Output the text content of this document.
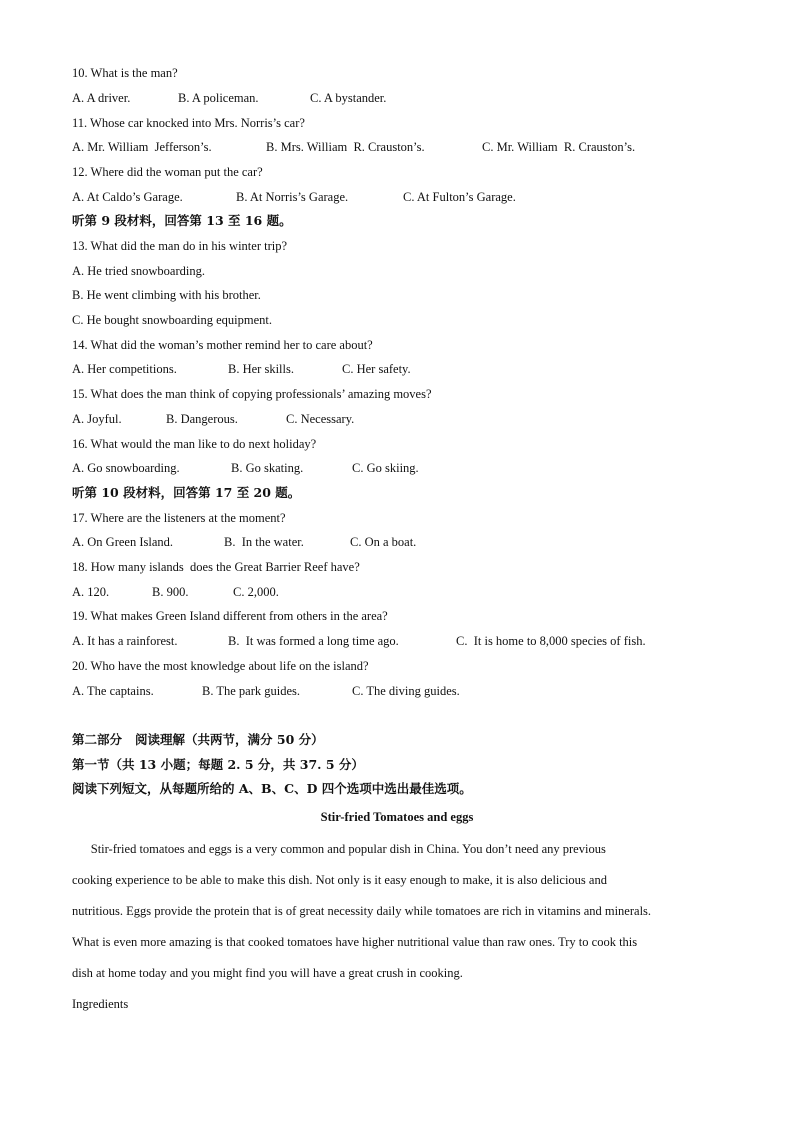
10. What is the man?
A. A driver.	B. A policeman.	C. A bystander.
11. Whose car knocked into Mrs. Norris’s car?
A. Mr. William  Jefferson’s.	B. Mrs. William  R. Crauston’s.	C. Mr. William  R. Crauston’s.
12. Where did the woman put the car?
A. At Caldo’s Garage.	B. At Norris’s Garage.	C. At Fulton’s Garage.
听第 9 段材料，回答第 13 至 16 题。
13. What did the man do in his winter trip?
A. He tried snowboarding.
B. He went climbing with his brother.
C. He bought snowboarding equipment.
14. What did the woman’s mother remind her to care about?
A. Her competitions.	B. Her skills.	C. Her safety.
15. What does the man think of copying professionals’ amazing moves?
A. Joyful.	B. Dangerous.	C. Necessary.
16. What would the man like to do next holiday?
A. Go snowboarding.	B. Go skating.	C. Go skiing.
听第 10 段材料，回答第 17 至 20 题。
17. Where are the listeners at the moment?
A. On Green Island.	B.  In the water.	C. On a boat.
18. How many islands  does the Great Barrier Reef have?
A. 120.	B. 900.	C. 2,000.
19. What makes Green Island different from others in the area?
A. It has a rainforest.	B.  It was formed a long time ago.	C.  It is home to 8,000 species of fish.
20. Who have the most knowledge about life on the island?
A. The captains.	B. The park guides.	C. The diving guides.
第二部分   阅读理解（共两节，满分 50 分）
第一节（共 13 小题；每题 2. 5 分，共 37. 5 分）
阅读下列短文，从每题所给的 A、B、C、D 四个选项中选出最佳选项。
Stir-fried Tomatoes and eggs
Stir-fried tomatoes and eggs is a very common and popular dish in China. You don’t need any previous
cooking experience to be able to make this dish. Not only is it easy enough to make, it is also delicious and
nutritious. Eggs provide the protein that is of great necessity daily while tomatoes are rich in vitamins and minerals.
What is even more amazing is that cooked tomatoes have higher nutritional value than raw ones. Try to cook this
dish at home today and you might find you will have a great crush in cooking.
Ingredients
